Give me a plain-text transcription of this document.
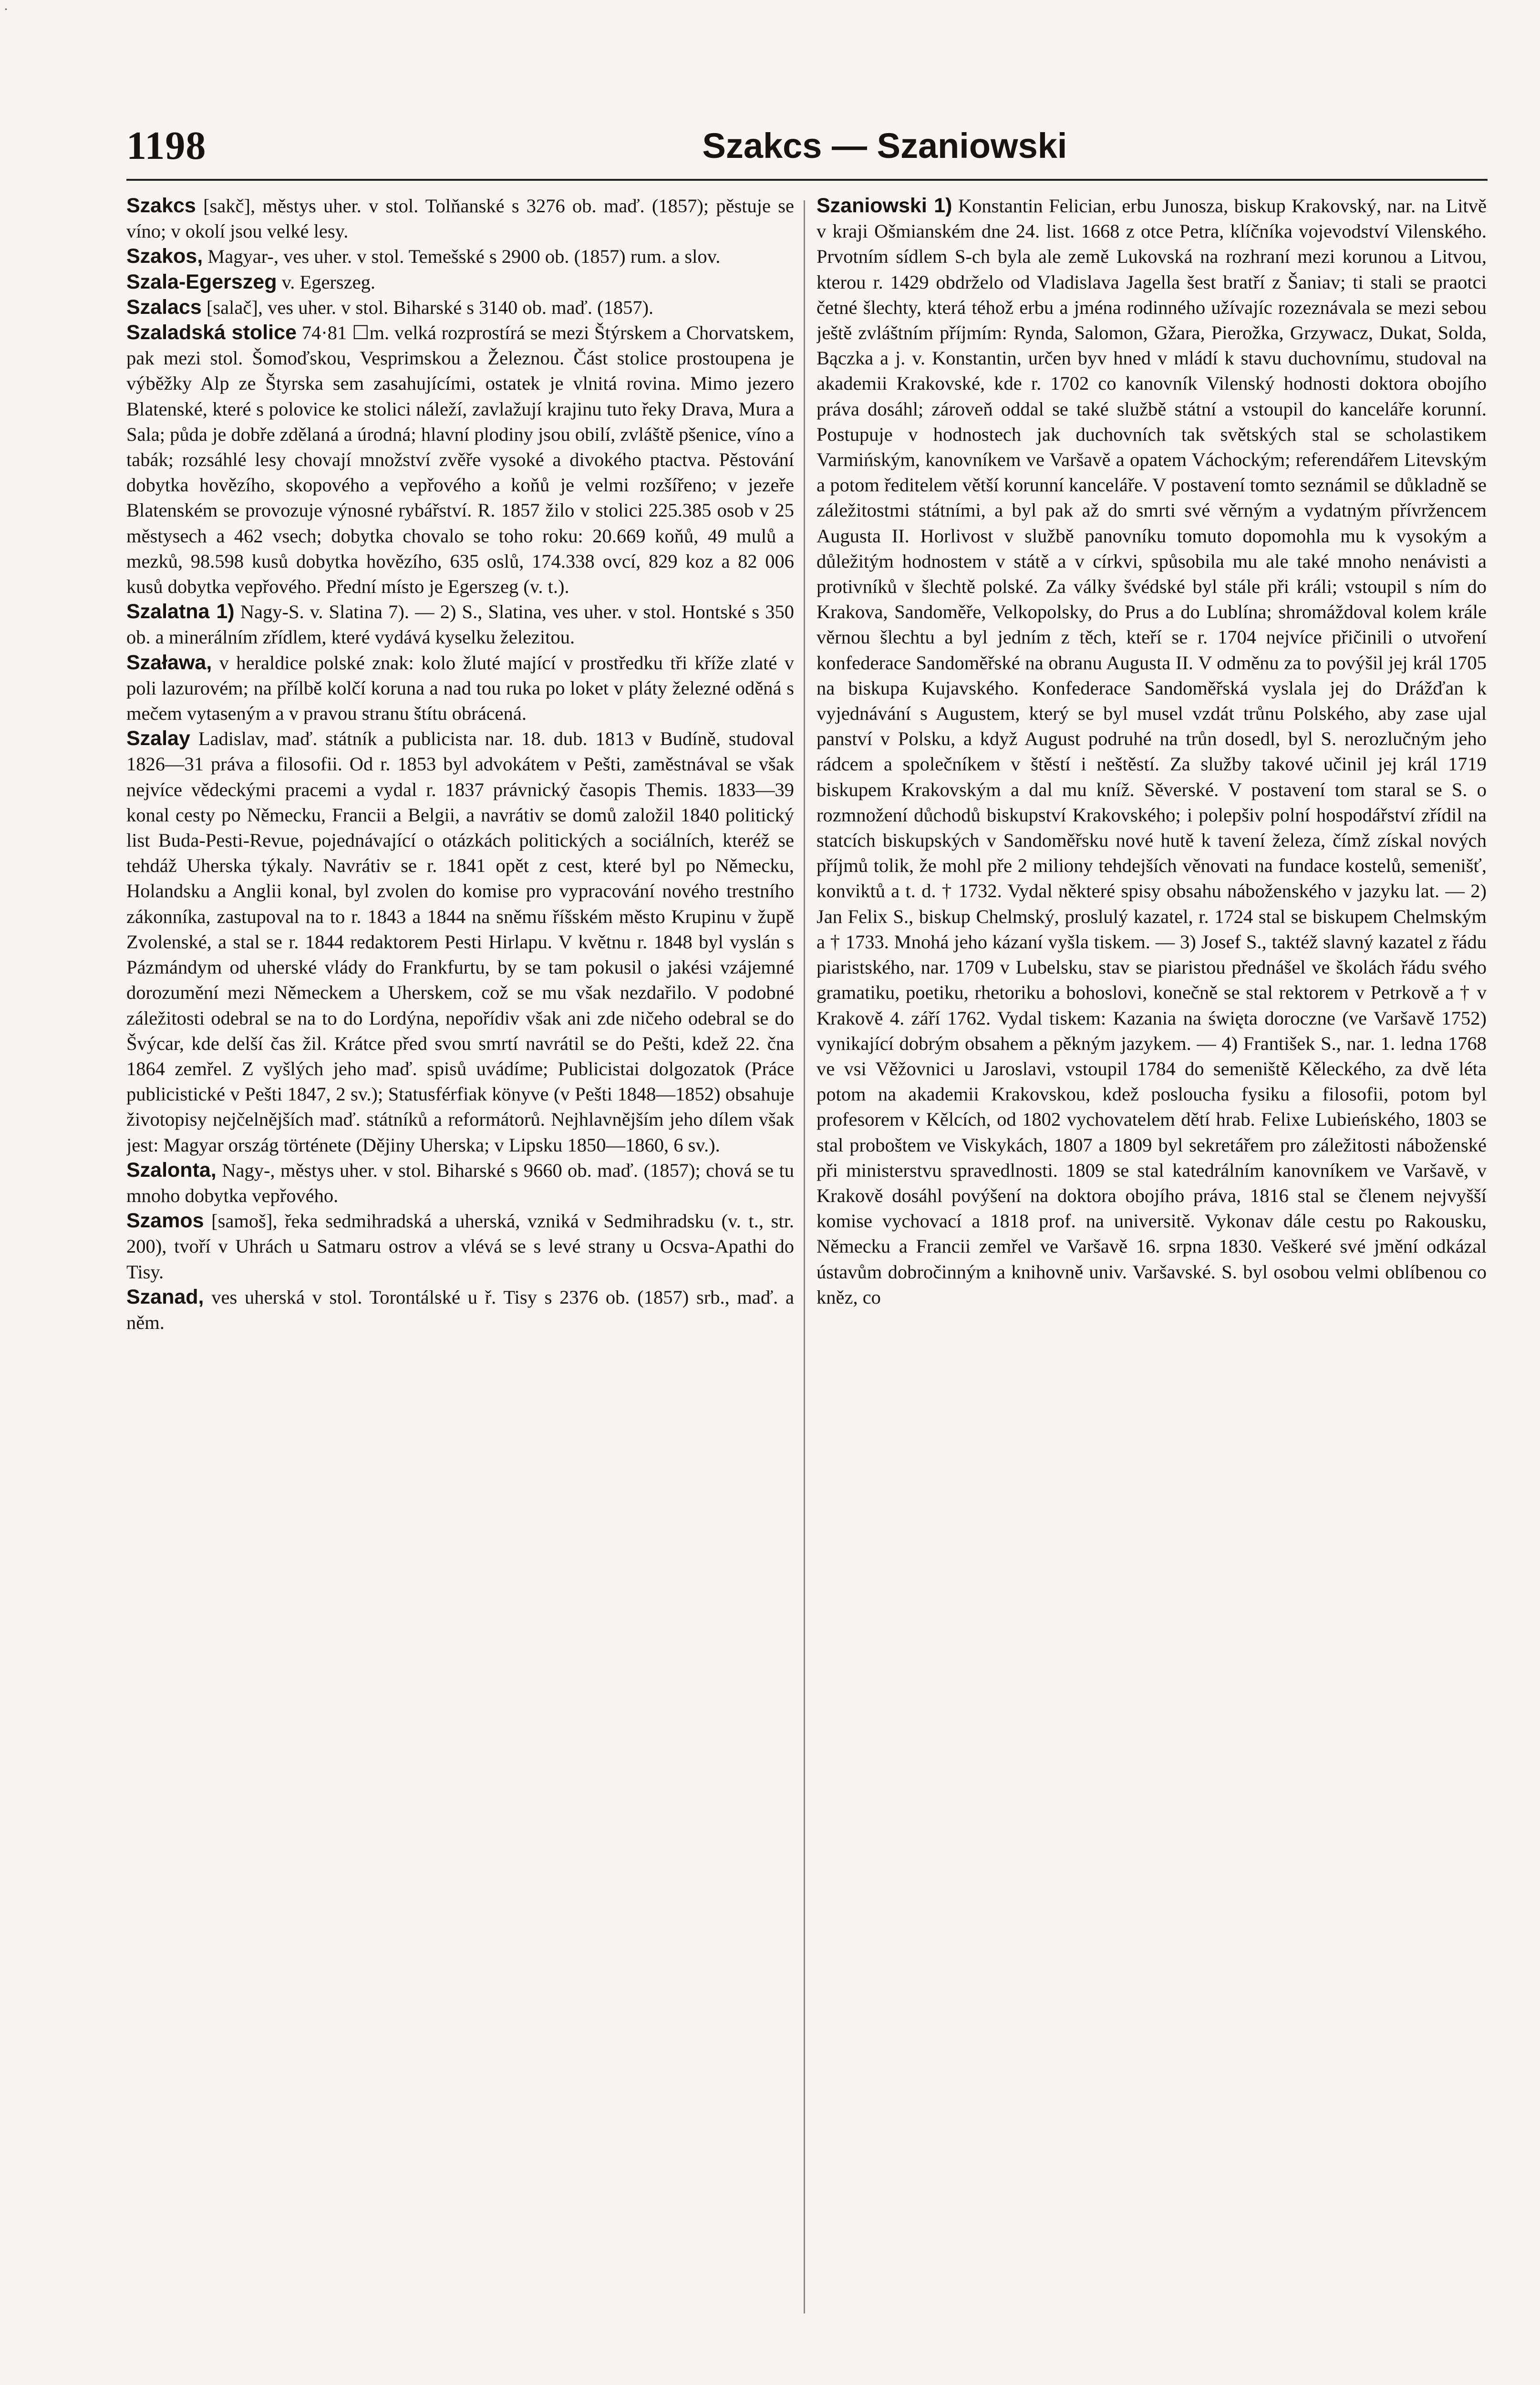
·
1198	Szakcs — Szaniowski

Szakcs [sakč], městys uher. v stol. Tolňanské s 3276 ob. maď. (1857); pěstuje se víno; v okolí jsou velké lesy.

Szakos, Magyar-, ves uher. v stol. Temešské s 2900 ob. (1857) rum. a slov.

Szala-Egerszeg v. Egerszeg.

Szalacs [salač], ves uher. v stol. Biharské s 3140 ob. maď. (1857).

Szaladská stolice 74·81 ☐m. velká rozprostírá se mezi Štýrskem a Chorvatskem, pak mezi stol. Šomoďskou, Vesprimskou a Železnou. Část stolice prostoupena je výběžky Alp ze Štyrska sem zasahujícími, ostatek je vlnitá rovina. Mimo jezero Blatenské, které s polovice ke stolici náleží, zavlažují krajinu tuto řeky Drava, Mura a Sala; půda je dobře zdělaná a úrodná; hlavní plodiny jsou obilí, zvláště pšenice, víno a tabák; rozsáhlé lesy chovají množství zvěře vysoké a divokého ptactva. Pěstování dobytka hovězího, skopového a vepřového a koňů je velmi rozšířeno; v jezeře Blatenském se provozuje výnosné rybářství. R. 1857 žilo v stolici 225.385 osob v 25 městysech a 462 vsech; dobytka chovalo se toho roku: 20.669 koňů, 49 mulů a mezků, 98.598 kusů dobytka hovězího, 635 oslů, 174.338 ovcí, 829 koz a 82 006 kusů dobytka vepřového. Přední místo je Egerszeg (v. t.).

Szalatna 1) Nagy-S. v. Slatina 7). — 2) S., Slatina, ves uher. v stol. Hontské s 350 ob. a minerálním zřídlem, které vydává kyselku železitou.

Szaława, v heraldice polské znak: kolo žluté mající v prostředku tři kříže zlaté v poli lazurovém; na přílbě kolčí koruna a nad tou ruka po loket v pláty železné oděná s mečem vytaseným a v pravou stranu štítu obrácená.

Szalay Ladislav, maď. státník a publicista nar. 18. dub. 1813 v Budíně, studoval 1826—31 práva a filosofii. Od r. 1853 byl advokátem v Pešti, zaměstnával se však nejvíce vědeckými pracemi a vydal r. 1837 právnický časopis Themis. 1833—39 konal cesty po Německu, Francii a Belgii, a navrátiv se domů založil 1840 politický list Buda-Pesti-Revue, pojednávající o otázkách politických a sociálních, kteréž se tehdáž Uherska týkaly. Navrátiv se r. 1841 opět z cest, které byl po Německu, Holandsku a Anglii konal, byl zvolen do komise pro vypracování nového trestního zákonníka, zastupoval na to r. 1843 a 1844 na sněmu říšském město Krupinu v župě Zvolenské, a stal se r. 1844 redaktorem Pesti Hirlapu. V květnu r. 1848 byl vyslán s Pázmándym od uherské vlády do Frankfurtu, by se tam pokusil o jakési vzájemné dorozumění mezi Německem a Uherskem, což se mu však nezdařilo. V podobné záležitosti odebral se na to do Lordýna, nepořídiv však ani zde ničeho odebral se do Švýcar, kde delší čas žil. Krátce před svou smrtí navrátil se do Pešti, kdež 22. čna 1864 zemřel. Z vyšlých jeho maď. spisů uvádíme; Publicistai dolgozatok (Práce publicistické v Pešti 1847, 2 sv.); Statusférfiak könyve (v Pešti 1848—1852) obsahuje životopisy nejčelnějších maď. státníků a reformátorů. Nejhlavnějším jeho dílem však jest: Magyar ország története (Dějiny Uherska; v Lipsku 1850—1860, 6 sv.).

Szalonta, Nagy-, městys uher. v stol. Biharské s 9660 ob. maď. (1857); chová se tu mnoho dobytka vepřového.

Szamos [samoš], řeka sedmihradská a uherská, vzniká v Sedmihradsku (v. t., str. 200), tvoří v Uhrách u Satmaru ostrov a vlévá se s levé strany u Ocsva-Apathi do Tisy.

Szanad, ves uherská v stol. Torontálské u ř. Tisy s 2376 ob. (1857) srb., maď. a něm.

Szaniowski 1) Konstantin Felician, erbu Junosza, biskup Krakovský, nar. na Litvě v kraji Ošmianském dne 24. list. 1668 z otce Petra, klíčníka vojevodství Vilenského. Prvotním sídlem S-ch byla ale země Lukovská na rozhraní mezi korunou a Litvou, kterou r. 1429 obdrželo od Vladislava Jagella šest bratří z Šaniav; ti stali se praotci četné šlechty, která téhož erbu a jména rodinného užívajíc rozeznávala se mezi sebou ještě zvláštním příjmím: Rynda, Salomon, Gžara, Pierožka, Grzywacz, Dukat, Solda, Bączka a j. v. Konstantin, určen byv hned v mládí k stavu duchovnímu, studoval na akademii Krakovské, kde r. 1702 co kanovník Vilenský hodnosti doktora obojího práva dosáhl; zároveň oddal se také službě státní a vstoupil do kanceláře korunní. Postupuje v hodnostech jak duchovních tak světských stal se scholastikem Varmińským, kanovníkem ve Varšavě a opatem Váchockým; referendářem Litevským a potom ředitelem větší korunní kanceláře. V postavení tomto seznámil se důkladně se záležitostmi státními, a byl pak až do smrti své věrným a vydatným přívržencem Augusta II. Horlivost v službě panovníku tomuto dopomohla mu k vysokým a důležitým hodnostem v státě a v církvi, spůsobila mu ale také mnoho nenávisti a protivníků v šlechtě polské. Za války švédské byl stále při králi; vstoupil s ním do Krakova, Sandoměře, Velkopolsky, do Prus a do Lublína; shromáždoval kolem krále věrnou šlechtu a byl jedním z těch, kteří se r. 1704 nejvíce přičinili o utvoření konfederace Sandoměřské na obranu Augusta II. V odměnu za to povýšil jej král 1705 na biskupa Kujavského. Konfederace Sandoměřská vyslala jej do Drážďan k vyjednávání s Augustem, který se byl musel vzdát trůnu Polského, aby zase ujal panství v Polsku, a když August podruhé na trůn dosedl, byl S. nerozlučným jeho rádcem a společníkem v štěstí i neštěstí. Za služby takové učinil jej král 1719 biskupem Krakovským a dal mu kníž. Sěverské. V postavení tom staral se S. o rozmnožení důchodů biskupství Krakovského; i polepšiv polní hospodářství zřídil na statcích biskupských v Sandoměřsku nové hutě k tavení železa, čímž získal nových příjmů tolik, že mohl pře 2 miliony tehdejších věnovati na fundace kostelů, semenišť, konviktů a t. d. † 1732. Vydal některé spisy obsahu náboženského v jazyku lat. — 2) Jan Felix S., biskup Chelmský, proslulý kazatel, r. 1724 stal se biskupem Chelmským a † 1733. Mnohá jeho kázaní vyšla tiskem. — 3) Josef S., taktéž slavný kazatel z řádu piaristského, nar. 1709 v Lubelsku, stav se piaristou přednášel ve školách řádu svého gramatiku, poetiku, rhetoriku a bohoslovi, konečně se stal rektorem v Petrkově a † v Krakově 4. září 1762. Vydal tiskem: Kazania na święta doroczne (ve Varšavě 1752) vynikající dobrým obsahem a pěkným jazykem. — 4) František S., nar. 1. ledna 1768 ve vsi Věžovnici u Jaroslavi, vstoupil 1784 do semeniště Kěleckého, za dvě léta potom na akademii Krakovskou, kdež posloucha fysiku a filosofii, potom byl profesorem v Kělcích, od 1802 vychovatelem dětí hrab. Felixe Lubieńského, 1803 se stal proboštem ve Viskykách, 1807 a 1809 byl sekretářem pro záležitosti náboženské při ministerstvu spravedlnosti. 1809 se stal katedrálním kanovníkem ve Varšavě, v Krakově dosáhl povýšení na doktora obojího práva, 1816 stal se členem nejvyšší komise vychovací a 1818 prof. na universitě. Vykonav dále cestu po Rakousku, Německu a Francii zemřel ve Varšavě 16. srpna 1830. Veškeré své jmění odkázal ústavům dobročinným a knihovně univ. Varšavské. S. byl osobou velmi oblíbenou co kněz, co
